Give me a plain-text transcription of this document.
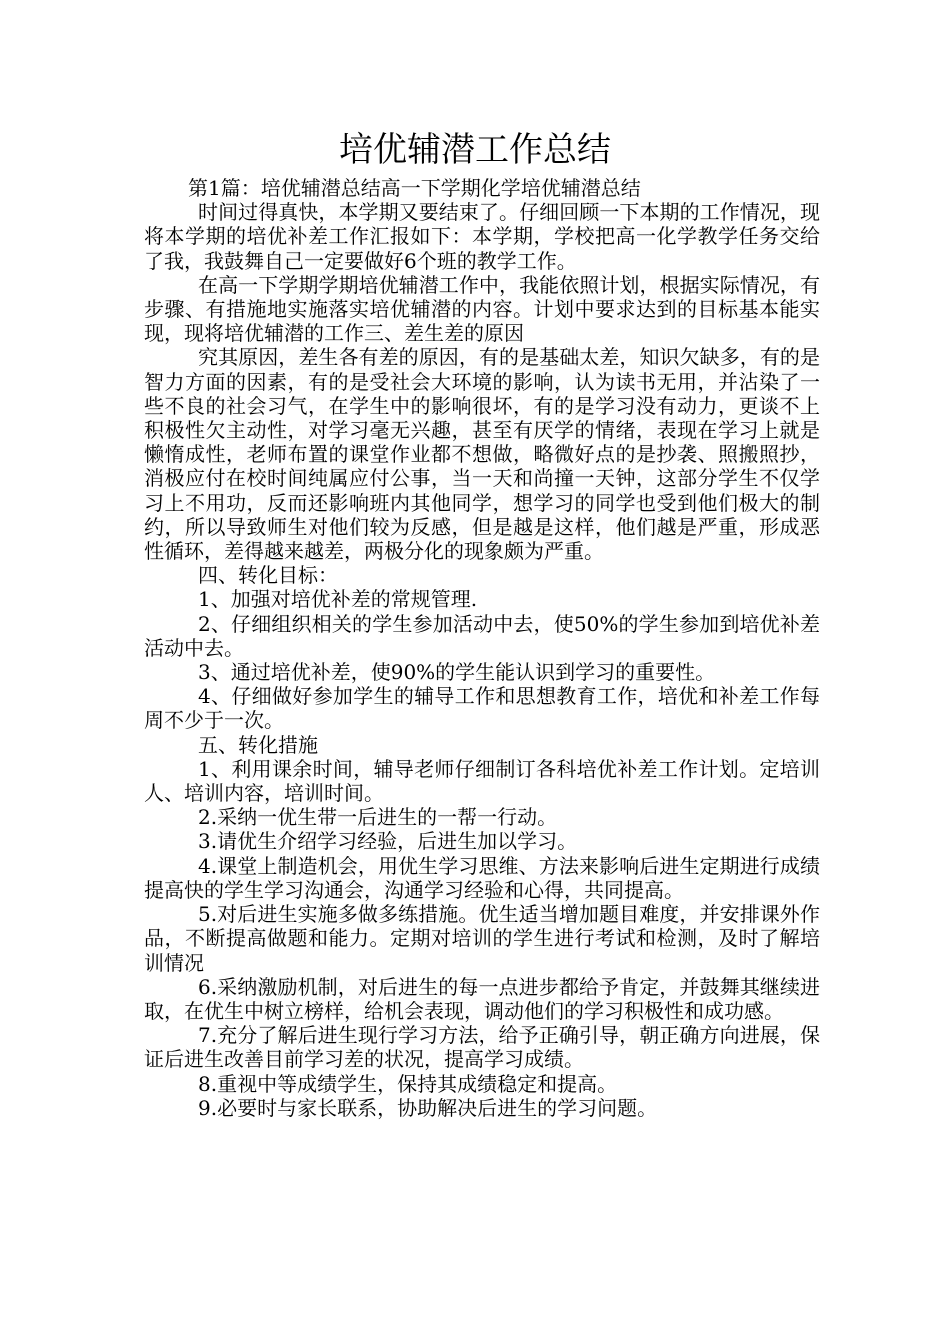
培优辅潜工作总结

第1篇：培优辅潜总结高一下学期化学培优辅潜总结

时间过得真快，本学期又要结束了。仔细回顾一下本期的工作情况，现将本学期的培优补差工作汇报如下：本学期，学校把高一化学教学任务交给了我，我鼓舞自己一定要做好6个班的教学工作。

在高一下学期学期培优辅潜工作中，我能依照计划，根据实际情况，有步骤、有措施地实施落实培优辅潜的内容。计划中要求达到的目标基本能实现，现将培优辅潜的工作三、差生差的原因

究其原因，差生各有差的原因，有的是基础太差，知识欠缺多，有的是智力方面的因素，有的是受社会大环境的影响，认为读书无用，并沾染了一些不良的社会习气，在学生中的影响很坏，有的是学习没有动力，更谈不上积极性欠主动性，对学习毫无兴趣，甚至有厌学的情绪，表现在学习上就是懒惰成性，老师布置的课堂作业都不想做，略微好点的是抄袭、照搬照抄，消极应付在校时间纯属应付公事，当一天和尚撞一天钟，这部分学生不仅学习上不用功，反而还影响班内其他同学，想学习的同学也受到他们极大的制约，所以导致师生对他们较为反感，但是越是这样，他们越是严重，形成恶性循环，差得越来越差，两极分化的现象颇为严重。

四、转化目标：

1、加强对培优补差的常规管理.

2、仔细组织相关的学生参加活动中去，使50%的学生参加到培优补差活动中去。

3、通过培优补差，使90%的学生能认识到学习的重要性。

4、仔细做好参加学生的辅导工作和思想教育工作，培优和补差工作每周不少于一次。

五、转化措施

1、利用课余时间，辅导老师仔细制订各科培优补差工作计划。定培训人、培训内容，培训时间。

2.采纳一优生带一后进生的一帮一行动。

3.请优生介绍学习经验，后进生加以学习。

4.课堂上制造机会，用优生学习思维、方法来影响后进生定期进行成绩提高快的学生学习沟通会，沟通学习经验和心得，共同提高。

5.对后进生实施多做多练措施。优生适当增加题目难度，并安排课外作品，不断提高做题和能力。定期对培训的学生进行考试和检测，及时了解培训情况

6.采纳激励机制，对后进生的每一点进步都给予肯定，并鼓舞其继续进取，在优生中树立榜样，给机会表现，调动他们的学习积极性和成功感。

7.充分了解后进生现行学习方法，给予正确引导，朝正确方向进展，保证后进生改善目前学习差的状况，提高学习成绩。

8.重视中等成绩学生，保持其成绩稳定和提高。

9.必要时与家长联系，协助解决后进生的学习问题。
